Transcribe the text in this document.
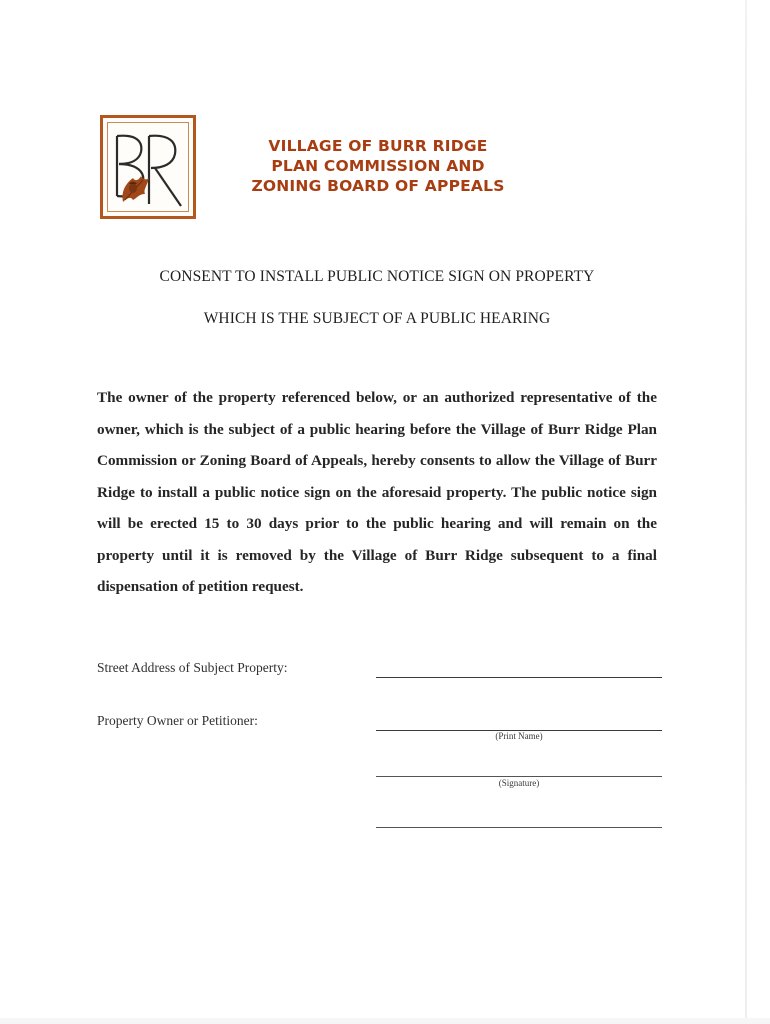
VILLAGE OF BURR RIDGE
PLAN COMMISSION AND
ZONING BOARD OF APPEALS
CONSENT TO INSTALL PUBLIC NOTICE SIGN ON PROPERTY
WHICH IS THE SUBJECT OF A PUBLIC HEARING
The owner of the property referenced below, or an authorized representative of the owner, which is the subject of a public hearing before the Village of Burr Ridge Plan Commission or Zoning Board of Appeals, hereby consents to allow the Village of Burr Ridge to install a public notice sign on the aforesaid property. The public notice sign will be erected 15 to 30 days prior to the public hearing and will remain on the property until it is removed by the Village of Burr Ridge subsequent to a final dispensation of petition request.
Street Address of Subject Property:
Property Owner or Petitioner:
(Print Name)
(Signature)
